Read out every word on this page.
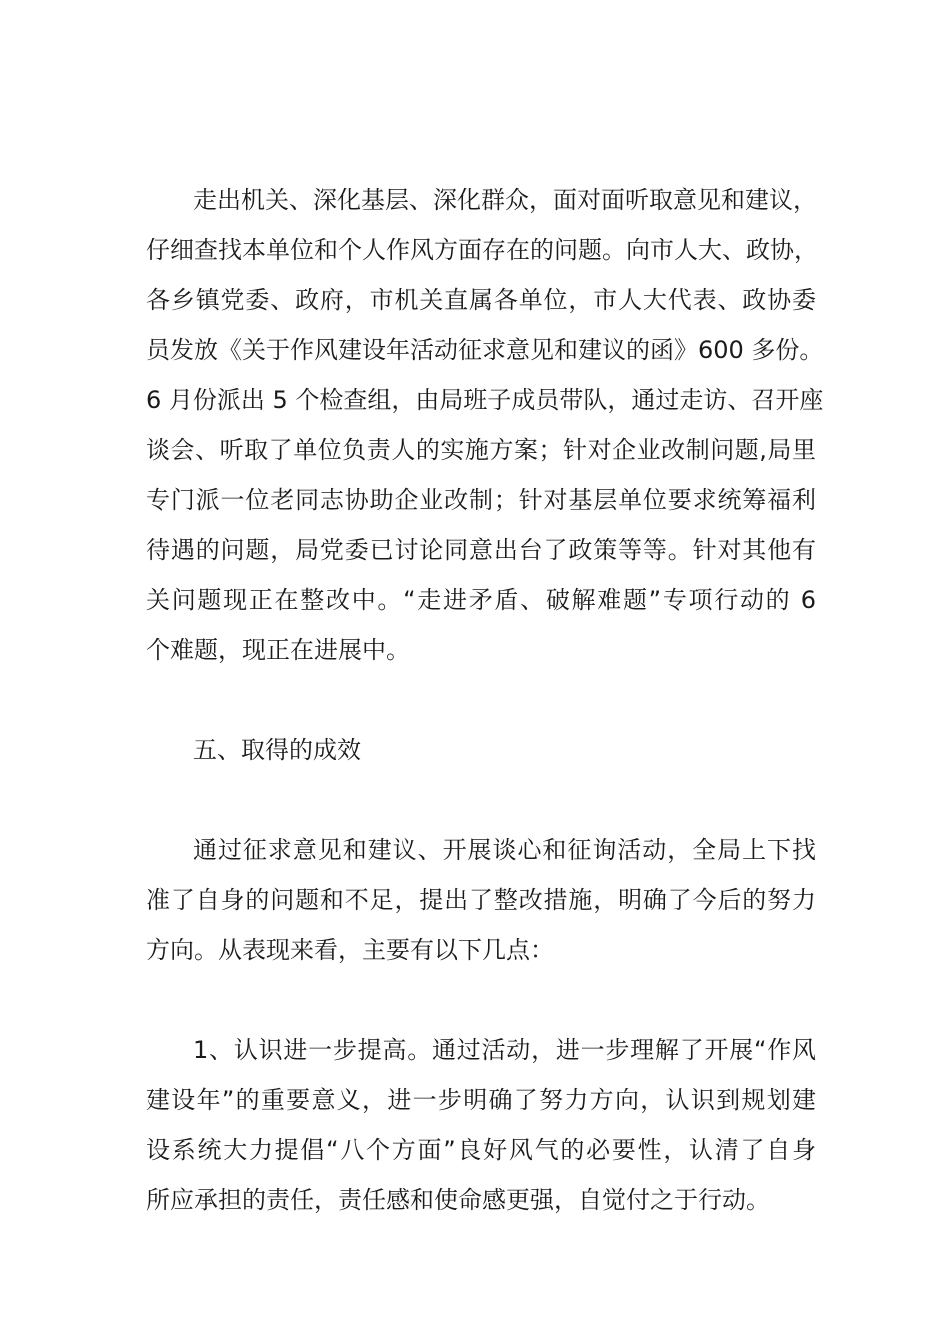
走出机关、深化基层、深化群众，面对面听取意见和建议，
仔细查找本单位和个人作风方面存在的问题。向市人大、政协，
各乡镇党委、政府，市机关直属各单位，市人大代表、政协委
员发放《关于作风建设年活动征求意见和建议的函》600 多份。
6 月份派出 5 个检查组，由局班子成员带队，通过走访、召开座
谈会、听取了单位负责人的实施方案；针对企业改制问题,局里
专门派一位老同志协助企业改制；针对基层单位要求统筹福利
待遇的问题，局党委已讨论同意出台了政策等等。针对其他有
关问题现正在整改中。“走进矛盾、破解难题”专项行动的 6
个难题，现正在进展中。
五、取得的成效
通过征求意见和建议、开展谈心和征询活动，全局上下找
准了自身的问题和不足，提出了整改措施，明确了今后的努力
方向。从表现来看，主要有以下几点：
1、认识进一步提高。通过活动，进一步理解了开展“作风
建设年”的重要意义，进一步明确了努力方向，认识到规划建
设系统大力提倡“八个方面”良好风气的必要性，认清了自身
所应承担的责任，责任感和使命感更强，自觉付之于行动。
